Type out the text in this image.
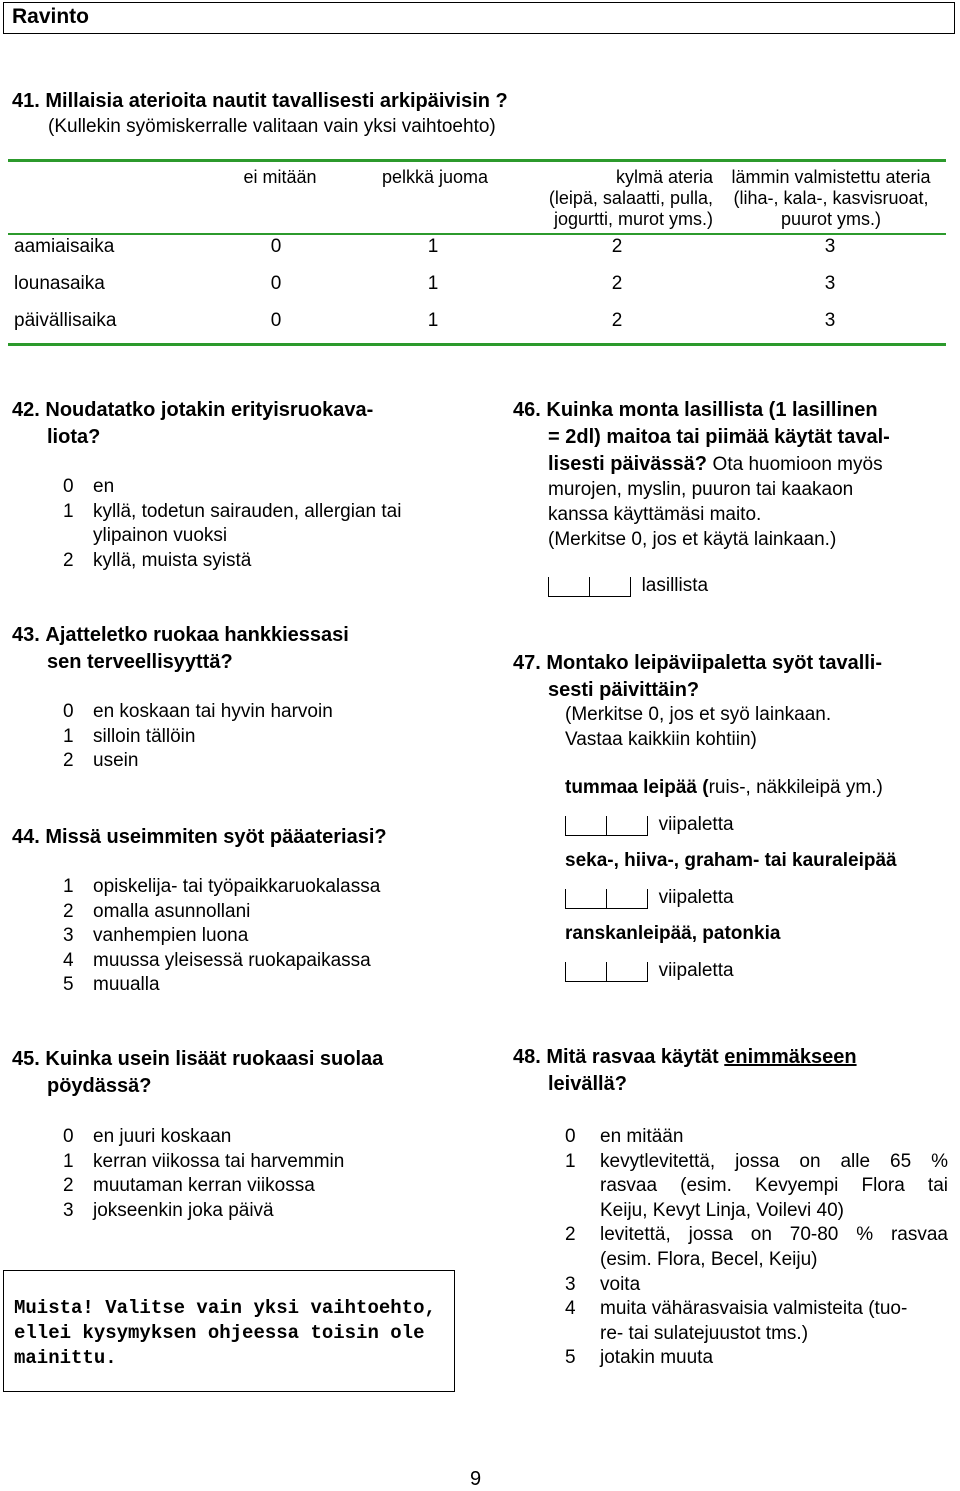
Ravinto
41. Millaisia aterioita nautit tavallisesti arkipäivisin ?
(Kullekin syömiskerralle valitaan vain yksi vaihtoehto)
ei mitään	pelkkä juoma	kylmä ateria
(leipä, salaatti, pulla,
jogurtti, murot yms.)
lämmin valmistettu ateria
(liha-, kala-, kasvisruoat,
puurot yms.)
aamiaisaika	0	1	2	3
lounasaika	0	1	2	3
päivällisaika	0	1	2	3
42. Noudatatko jotakin erityisruokava-
liota?
0 en
1 kyllä, todetun sairauden, allergian tai
ylipainon vuoksi
2 kyllä, muista syistä
43. Ajatteletko ruokaa hankkiessasi
sen terveellisyyttä?
0 en koskaan tai hyvin harvoin
1 silloin tällöin
2 usein
44. Missä useimmiten syöt pääateriasi?
1 opiskelija- tai työpaikkaruokalassa
2 omalla asunnollani
3 vanhempien luona
4 muussa yleisessä ruokapaikassa
5 muualla
45. Kuinka usein lisäät ruokaasi suolaa
pöydässä?
0 en juuri koskaan
1 kerran viikossa tai harvemmin
2 muutaman kerran viikossa
3 jokseenkin joka päivä
Muista! Valitse vain yksi vaihtoehto,
ellei kysymyksen ohjeessa toisin ole
mainittu.
46. Kuinka monta lasillista (1 lasillinen
= 2dl) maitoa tai piimää käytät taval-
lisesti päivässä? Ota huomioon myös
murojen, myslin, puuron tai kaakaon
kanssa käyttämäsi maito.
(Merkitse 0, jos et käytä lainkaan.)
lasillista
47. Montako leipäviipaletta syöt tavalli-
sesti päivittäin?
(Merkitse 0, jos et syö lainkaan.
Vastaa kaikkiin kohtiin)
tummaa leipää (ruis-, näkkileipä ym.)
viipaletta
seka-, hiiva-, graham- tai kauraleipää
viipaletta
ranskanleipää, patonkia
viipaletta
48. Mitä rasvaa käytät enimmäkseen
leivällä?
0 en mitään
1 kevytlevitettä, jossa on alle 65 %
rasvaa (esim. Kevyempi Flora tai
Keiju, Kevyt Linja, Voilevi 40)
2 levitettä, jossa on 70-80 % rasvaa
(esim. Flora, Becel, Keiju)
3 voita
4 muita vähärasvaisia valmisteita (tuo-
re- tai sulatejuustot tms.)
5 jotakin muuta
9
